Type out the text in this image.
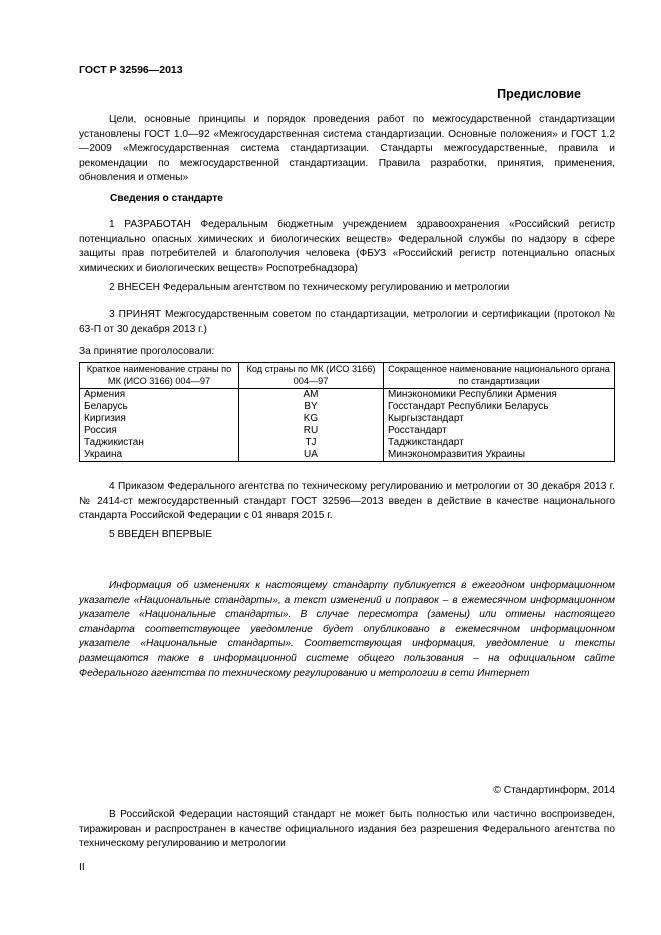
ГОСТ Р 32596—2013
Предисловие
Цели, основные принципы и порядок проведения работ по межгосударственной стандартизации установлены ГОСТ 1.0—92 «Межгосударственная система стандартизации. Основные положения» и ГОСТ 1.2—2009 «Межгосударственная система стандартизации. Стандарты межгосударственные, правила и рекомендации по межгосударственной стандартизации. Правила разработки, принятия, применения, обновления и отмены»
Сведения о стандарте
1 РАЗРАБОТАН Федеральным бюджетным учреждением здравоохранения «Российский регистр потенциально опасных химических и биологических веществ» Федеральной службы по надзору в сфере защиты прав потребителей и благополучия человека (ФБУЗ «Российский регистр потенциально опасных химических и биологических веществ» Роспотребнадзора)
2 ВНЕСЕН Федеральным агентством по техническому регулированию и метрологии
3 ПРИНЯТ Межгосударственным советом по стандартизации, метрологии и сертификации (протокол № 63-П от 30 декабря 2013 г.)
За принятие проголосовали:
Краткое наименование страны по МК (ИСО 3166) 004—97	Код страны по МК (ИСО 3166) 004—97	Сокращенное наименование национального органа по стандартизации
Армения	AM	Минэкономики Республики Армения
Беларусь	BY	Госстандарт Республики Беларусь
Киргизия	KG	Кыргызстандарт
Россия	RU	Росстандарт
Таджикистан	TJ	Таджикстандарт
Украина	UA	Минэкономразвития Украины
4 Приказом Федерального агентства по техническому регулированию и метрологии от 30 декабря 2013 г. № 2414-ст межгосударственный стандарт ГОСТ 32596—2013 введен в действие в качестве национального стандарта Российской Федерации с 01 января 2015 г.
5 ВВЕДЕН ВПЕРВЫЕ
Информация об изменениях к настоящему стандарту публикуется в ежегодном информационном указателе «Национальные стандарты», а текст изменений и поправок – в ежемесячном информационном указателе «Национальные стандарты». В случае пересмотра (замены) или отмены настоящего стандарта соответствующее уведомление будет опубликовано в ежемесячном информационном указателе «Национальные стандарты». Соответствующая информация, уведомление и тексты размещаются также в информационной системе общего пользования – на официальном сайте Федерального агентства по техническому регулированию и метрологии в сети Интернет
© Стандартинформ, 2014
В Российской Федерации настоящий стандарт не может быть полностью или частично воспроизведен, тиражирован и распространен в качестве официального издания без разрешения Федерального агентства по техническому регулированию и метрологии
II
